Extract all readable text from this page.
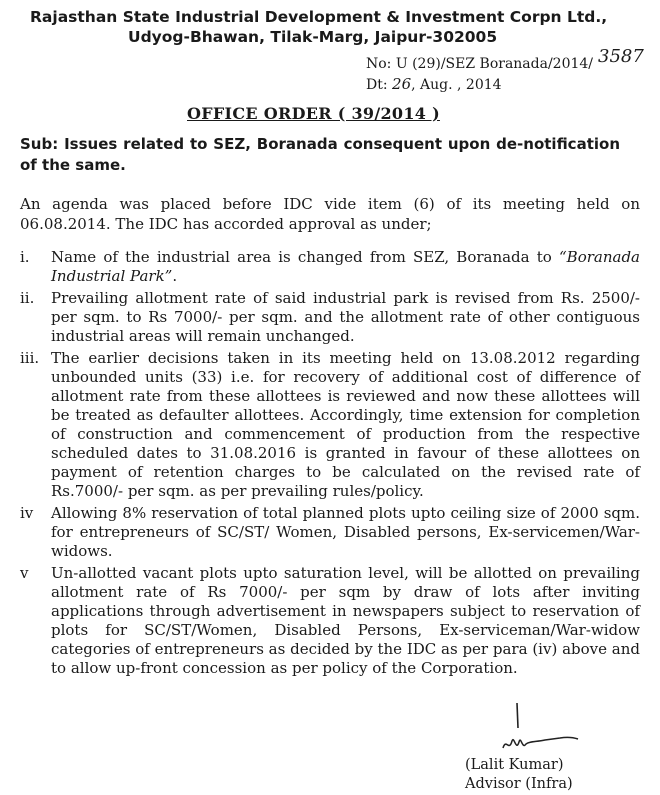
Rajasthan State Industrial Development & Investment Corpn Ltd.,
Udyog-Bhawan, Tilak-Marg, Jaipur-302005
No: U (29)/SEZ Boranada/2014/
Dt: 26, Aug. , 2014
3587
OFFICE ORDER ( 39/2014 )
Sub: Issues related to SEZ, Boranada consequent upon de-notification of the same.
An agenda was placed before IDC vide item (6) of its meeting held on 06.08.2014. The IDC has accorded approval as under;
i. Name of the industrial area is changed from SEZ, Boranada to “Boranada Industrial Park”.
ii. Prevailing allotment rate of said industrial park is revised from Rs. 2500/- per sqm. to Rs 7000/- per sqm. and the allotment rate of other contiguous industrial areas will remain unchanged.
iii. The earlier decisions taken in its meeting held on 13.08.2012 regarding unbounded units (33) i.e. for recovery of additional cost of difference of allotment rate from these allottees is reviewed and now these allottees will be treated as defaulter allottees. Accordingly, time extension for completion of construction and commencement of production from the respective scheduled dates to 31.08.2016 is granted in favour of these allottees on payment of retention charges to be calculated on the revised rate of Rs.7000/- per sqm. as per prevailing rules/policy.
iv Allowing 8% reservation of total planned plots upto ceiling size of 2000 sqm. for entrepreneurs of SC/ST/ Women, Disabled persons, Ex-servicemen/War-widows.
v Un-allotted vacant plots upto saturation level, will be allotted on prevailing allotment rate of Rs 7000/- per sqm by draw of lots after inviting applications through advertisement in newspapers subject to reservation of plots for SC/ST/Women, Disabled Persons, Ex-serviceman/War-widow categories of entrepreneurs as decided by the IDC as per para (iv) above and to allow up-front concession as per policy of the Corporation.
(Lalit Kumar)
Advisor (Infra)
